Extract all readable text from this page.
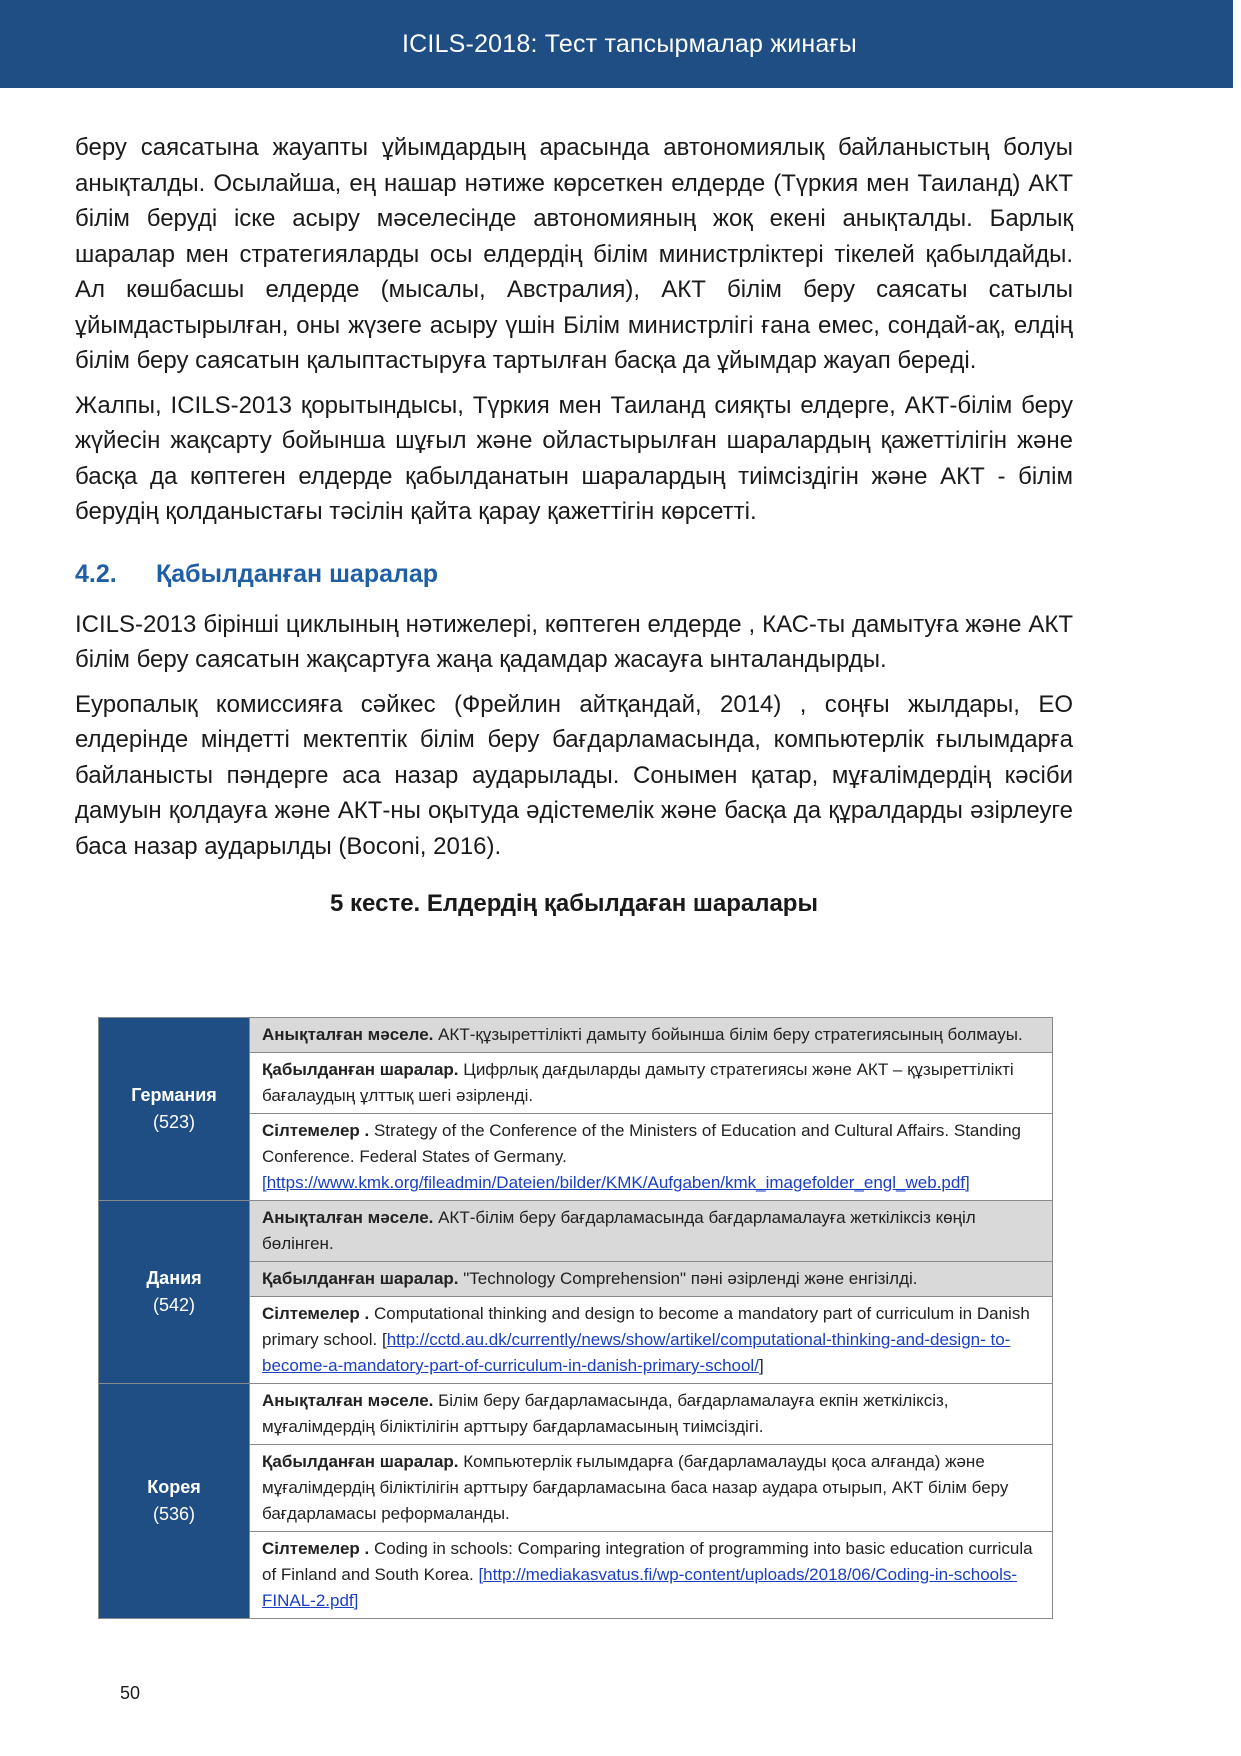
ICILS-2018: Тест тапсырмалар жинағы

беру саясатына жауапты ұйымдардың арасында автономиялық байланыстың болуы анықталды. Осылайша, ең нашар нәтиже көрсеткен елдерде (Түркия мен Таиланд) АКТ білім беруді іске асыру мәселесінде автономияның жоқ екені анықталды. Барлық шаралар мен стратегияларды осы елдердің білім министрліктері тікелей қабылдайды. Ал көшбасшы елдерде (мысалы, Австралия), АКТ білім беру саясаты сатылы ұйымдастырылған, оны жүзеге асыру үшін Білім министрлігі ғана емес, сондай-ақ, елдің білім беру саясатын қалыптастыруға тартылған басқа да ұйымдар жауап береді.

Жалпы, ICILS-2013 қорытындысы, Түркия мен Таиланд сияқты елдерге, АКТ-білім беру жүйесін жақсарту бойынша шұғыл және ойластырылған шаралардың қажеттілігін және басқа да көптеген елдерде қабылданатын шаралардың тиімсіздігін және АКТ - білім берудің қолданыстағы тәсілін қайта қарау қажеттігін көрсетті.

4.2.	Қабылданған шаралар

ICILS-2013 бірінші циклының нәтижелері, көптеген елдерде , КАС-ты дамытуға және АКТ білім беру саясатын жақсартуға жаңа қадамдар жасауға ынталандырды.

Еуропалық комиссияға сәйкес (Фрейлин айтқандай, 2014) , соңғы жылдары, ЕО елдерінде міндетті мектептік білім беру бағдарламасында, компьютерлік ғылымдарға байланысты пәндерге аса назар аударылады. Сонымен қатар, мұғалімдердің кәсіби дамуын қолдауға және АКТ-ны оқытуда әдістемелік және басқа да құралдарды әзірлеуге баса назар аударылды (Boconi, 2016).

5 кесте. Елдердің қабылдаған шаралары
Германия
(523)	Анықталған мәселе. АКТ-құзыреттілікті дамыту бойынша білім беру стратегиясының болмауы.
	Қабылданған шаралар. Цифрлық дағдыларды дамыту стратегиясы және АКТ – құзыреттілікті бағалаудың ұлттық шегі әзірленді.
	Сілтемелер . Strategy of the Conference of the Ministers of Education and Cultural Affairs. Standing Conference. Federal States of Germany.
[https://www.kmk.org/fileadmin/Dateien/bilder/KMK/Aufgaben/kmk_imagefolder_engl_web.pdf]

Дания
(542)	Анықталған мәселе. АКТ-білім беру бағдарламасында бағдарламалауға жеткіліксіз көңіл бөлінген.
	Қабылданған шаралар. "Technology Comprehension" пәні әзірленді және енгізілді.
	Сілтемелер . Computational thinking and design to become a mandatory part of curriculum in Danish primary school. [http://cctd.au.dk/currently/news/show/artikel/computational-thinking-and-design- to-become-a-mandatory-part-of-curriculum-in-danish-primary-school/]

Корея
(536)	Анықталған мәселе. Білім беру бағдарламасында, бағдарламалауға екпін жеткіліксіз, мұғалімдердің біліктілігін арттыру бағдарламасының тиімсіздігі.
	Қабылданған шаралар. Компьютерлік ғылымдарға (бағдарламалауды қоса алғанда) және мұғалімдердің біліктілігін арттыру бағдарламасына баса назар аудара отырып, АКТ білім беру бағдарламасы реформаланды.
	Сілтемелер . Coding in schools: Comparing integration of programming into basic education curricula of Finland and South Korea. [http://mediakasvatus.fi/wp-content/uploads/2018/06/Coding-in-schools-FINAL-2.pdf]
50
